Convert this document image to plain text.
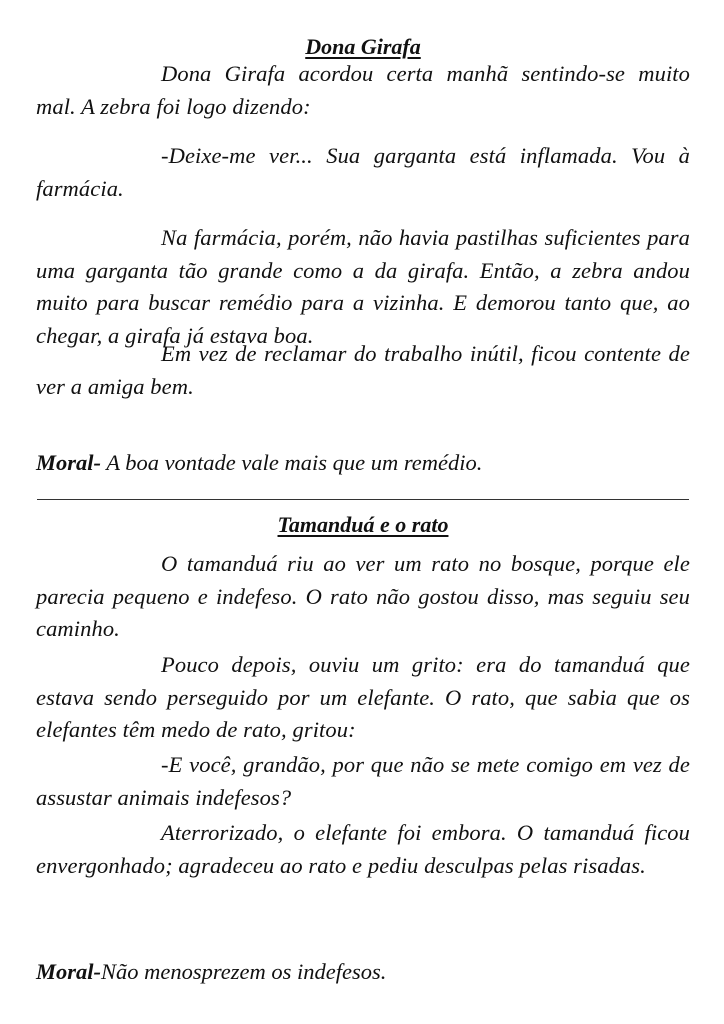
Dona Girafa

Dona Girafa acordou certa manhã sentindo-se muito mal. A zebra foi logo dizendo:

-Deixe-me ver... Sua garganta está inflamada. Vou à farmácia.

Na farmácia, porém, não havia pastilhas suficientes para uma garganta tão grande como a da girafa. Então, a zebra andou muito para buscar remédio para a vizinha. E demorou tanto que, ao chegar, a girafa já estava boa.

Em vez de reclamar do trabalho inútil, ficou contente de ver a amiga bem.

Moral- A boa vontade vale mais que um remédio.
Tamanduá e o rato

O tamanduá riu ao ver um rato no bosque, porque ele parecia pequeno e indefeso. O rato não gostou disso, mas seguiu seu caminho.

Pouco depois, ouviu um grito: era do tamanduá que estava sendo perseguido por um elefante. O rato, que sabia que os elefantes têm medo de rato, gritou:

-E você, grandão, por que não se mete comigo em vez de assustar animais indefesos?

Aterrorizado, o elefante foi embora. O tamanduá ficou envergonhado; agradeceu ao rato e pediu desculpas pelas risadas.

Moral-Não menosprezem os indefesos.
